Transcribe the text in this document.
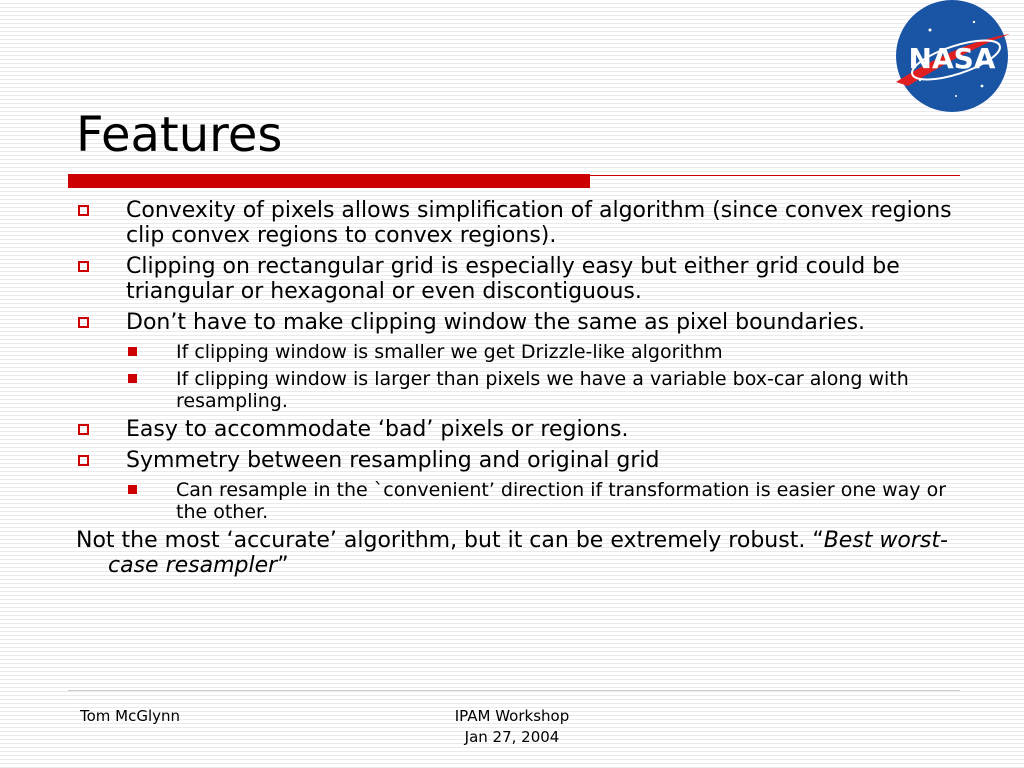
Features
NASA
Convexity of pixels allows simplification of algorithm (since convex regions clip convex regions to convex regions).
Clipping on rectangular grid is especially easy but either grid could be triangular or hexagonal or even discontiguous.
Don’t have to make clipping window the same as pixel boundaries.
If clipping window is smaller we get Drizzle-like algorithm
If clipping window is larger than pixels we have a variable box-car along with resampling.
Easy to accommodate ‘bad’ pixels or regions.
Symmetry between resampling and original grid
Can resample in the `convenient’ direction if transformation is easier one way or the other.
Not the most ‘accurate’ algorithm, but it can be extremely robust. “Best worst-case resampler”
Tom McGlynn	IPAM Workshop
Jan 27, 2004
